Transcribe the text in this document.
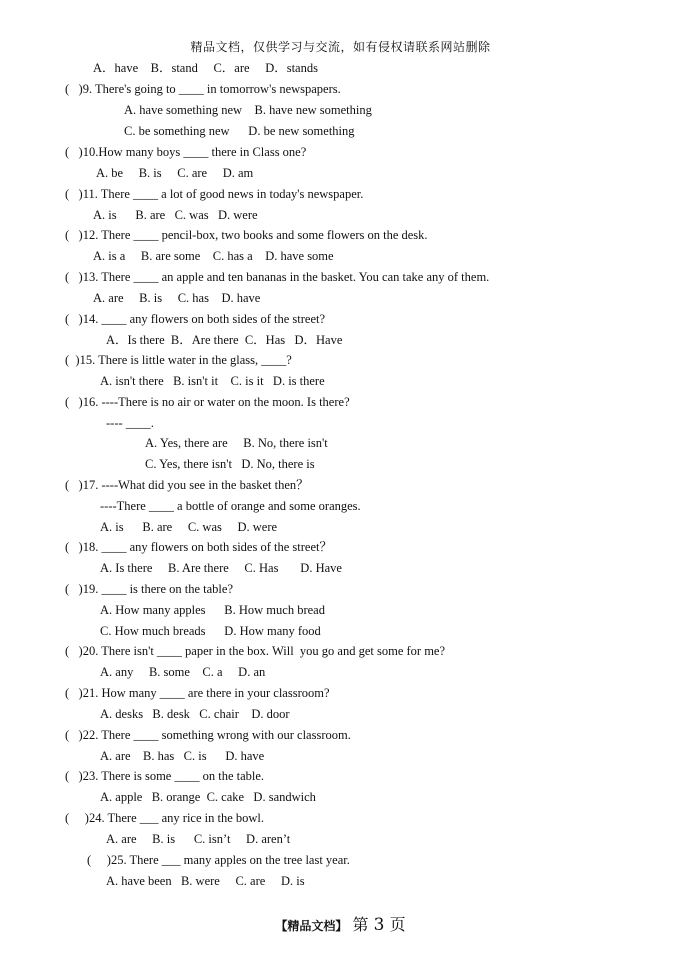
精品文档，仅供学习与交流，如有侵权请联系网站删除
A．have    B．stand     C．are     D．stands
(   )9. There's going to ____ in tomorrow's newspapers.
A. have something new    B. have new something
C. be something new      D. be new something
(   )10.How many boys ____ there in Class one?
A. be     B. is     C. are     D. am
(   )11. There ____ a lot of good news in today's newspaper.
A. is      B. are   C. was   D. were
(   )12. There ____ pencil-box, two books and some flowers on the desk.
A. is a     B. are some    C. has a    D. have some
(   )13. There ____ an apple and ten bananas in the basket. You can take any of them.
A. are     B. is     C. has    D. have
(   )14. ____ any flowers on both sides of the street?
A．Is there  B．Are there  C．Has   D．Have
(  )15. There is little water in the glass, ____?
A. isn't there   B. isn't it    C. is it   D. is there
(   )16. ----There is no air or water on the moon. Is there?
---- ____.
A. Yes, there are     B. No, there isn't
C. Yes, there isn't   D. No, there is
(   )17. ----What did you see in the basket then？
----There ____ a bottle of orange and some oranges.
A. is      B. are     C. was     D. were
(   )18. ____ any flowers on both sides of the street？
A. Is there     B. Are there     C. Has       D. Have
(   )19. ____ is there on the table?
A. How many apples      B. How much bread
C. How much breads      D. How many food
(   )20. There isn't ____ paper in the box. Will  you go and get some for me?
A. any     B. some    C. a     D. an
(   )21. How many ____ are there in your classroom?
A. desks   B. desk   C. chair    D. door
(   )22. There ____ something wrong with our classroom.
A. are    B. has   C. is      D. have
(   )23. There is some ____ on the table.
A. apple   B. orange  C. cake   D. sandwich
(     )24. There ___ any rice in the bowl.
A. are     B. is      C. isn’t     D. aren’t
(     )25. There ___ many apples on the tree last year.
A. have been   B. were     C. are     D. is
【精品文档】 第 3 页
